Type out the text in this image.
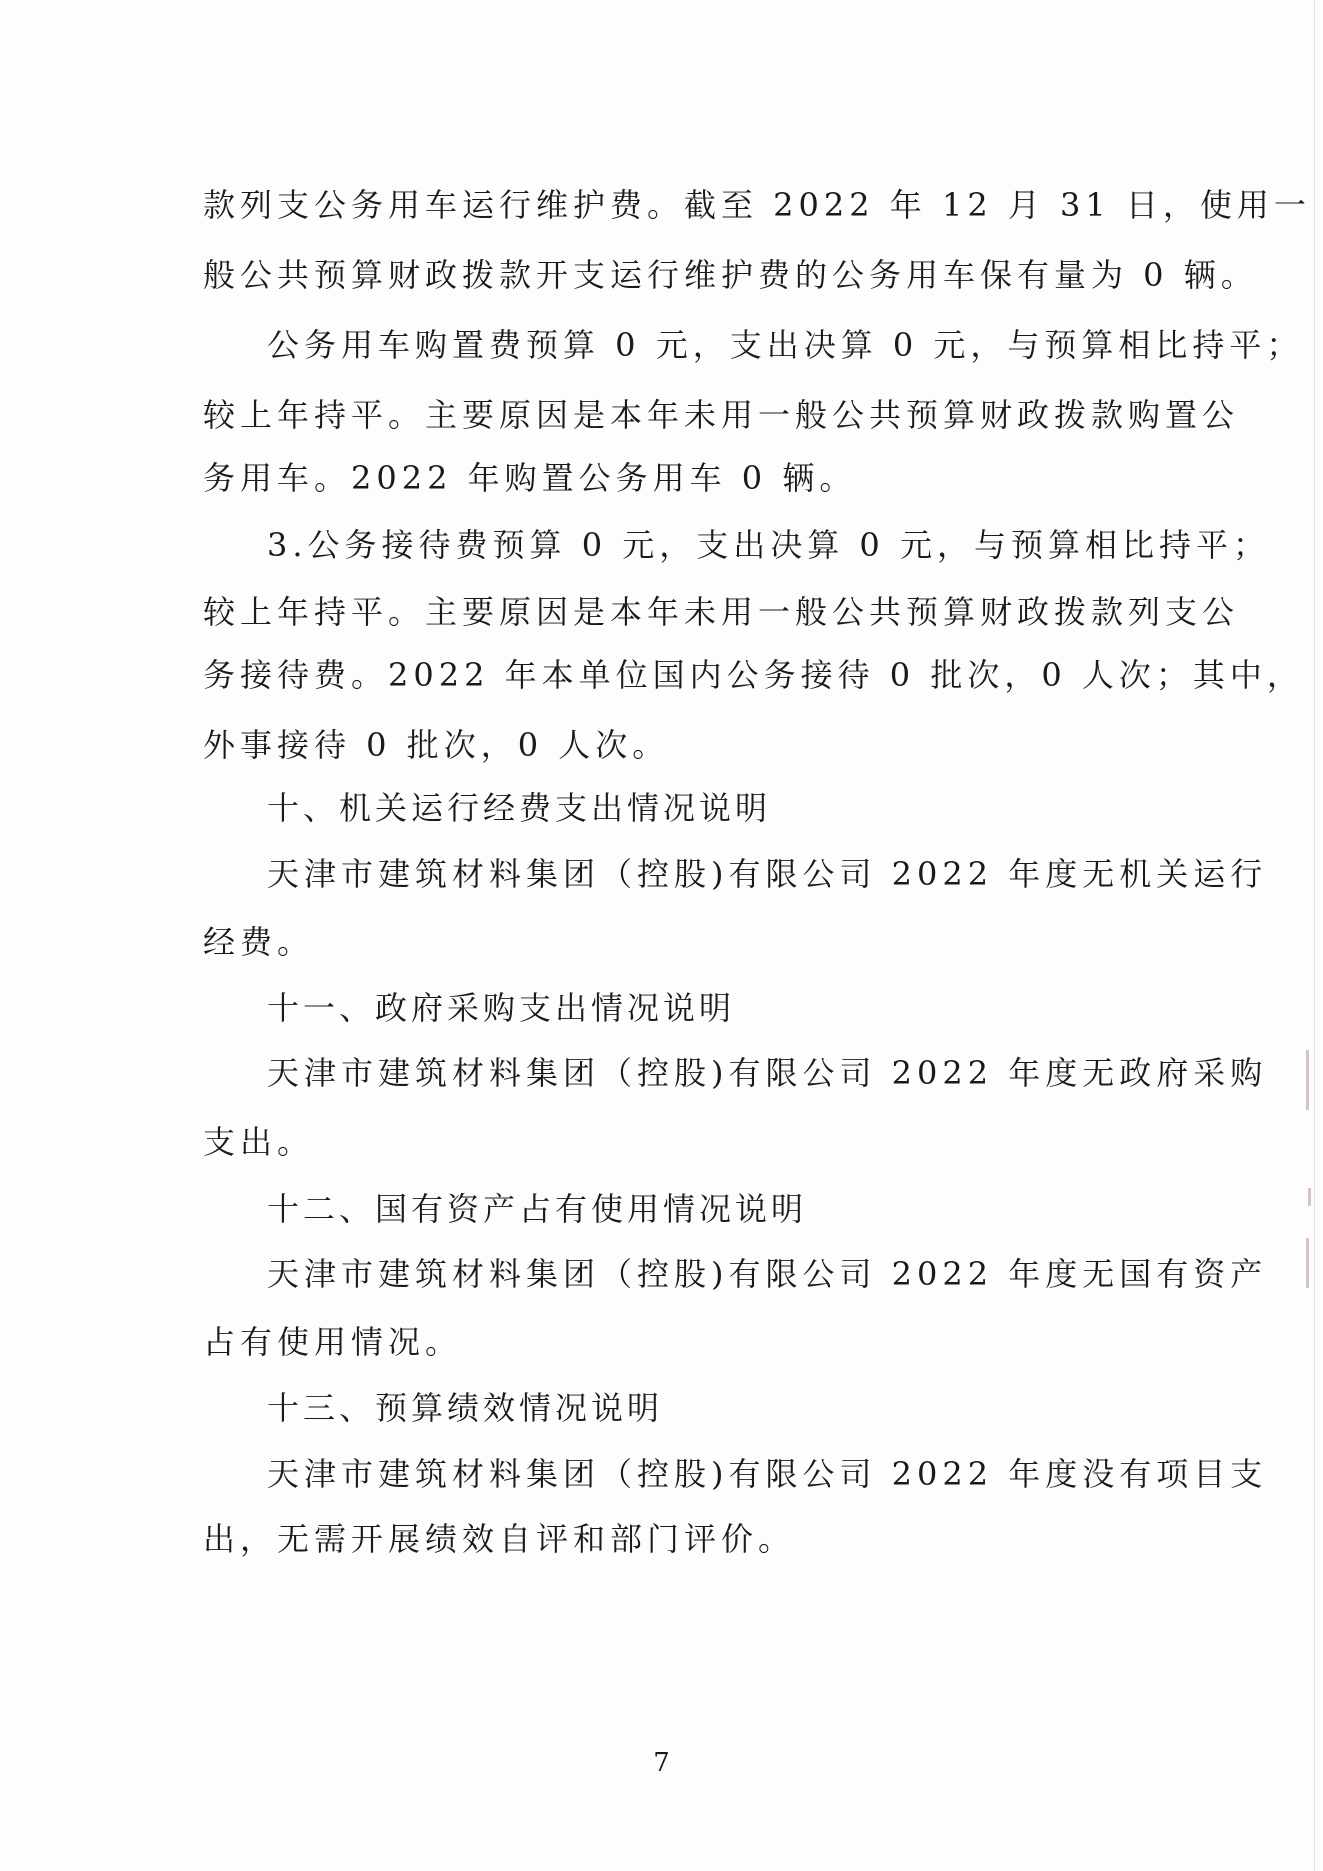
款列支公务用车运行维护费。截至 2022 年 12 月 31 日，使用一
般公共预算财政拨款开支运行维护费的公务用车保有量为 0 辆。
公务用车购置费预算 0 元，支出决算 0 元，与预算相比持平；
较上年持平。主要原因是本年未用一般公共预算财政拨款购置公
务用车。2022 年购置公务用车 0 辆。
3.公务接待费预算 0 元，支出决算 0 元，与预算相比持平；
较上年持平。主要原因是本年未用一般公共预算财政拨款列支公
务接待费。2022 年本单位国内公务接待 0 批次，0 人次；其中，
外事接待 0 批次，0 人次。
十、机关运行经费支出情况说明
天津市建筑材料集团（控股)有限公司 2022 年度无机关运行
经费。
十一、政府采购支出情况说明
天津市建筑材料集团（控股)有限公司 2022 年度无政府采购
支出。
十二、国有资产占有使用情况说明
天津市建筑材料集团（控股)有限公司 2022 年度无国有资产
占有使用情况。
十三、预算绩效情况说明
天津市建筑材料集团（控股)有限公司 2022 年度没有项目支
出，无需开展绩效自评和部门评价。
7
